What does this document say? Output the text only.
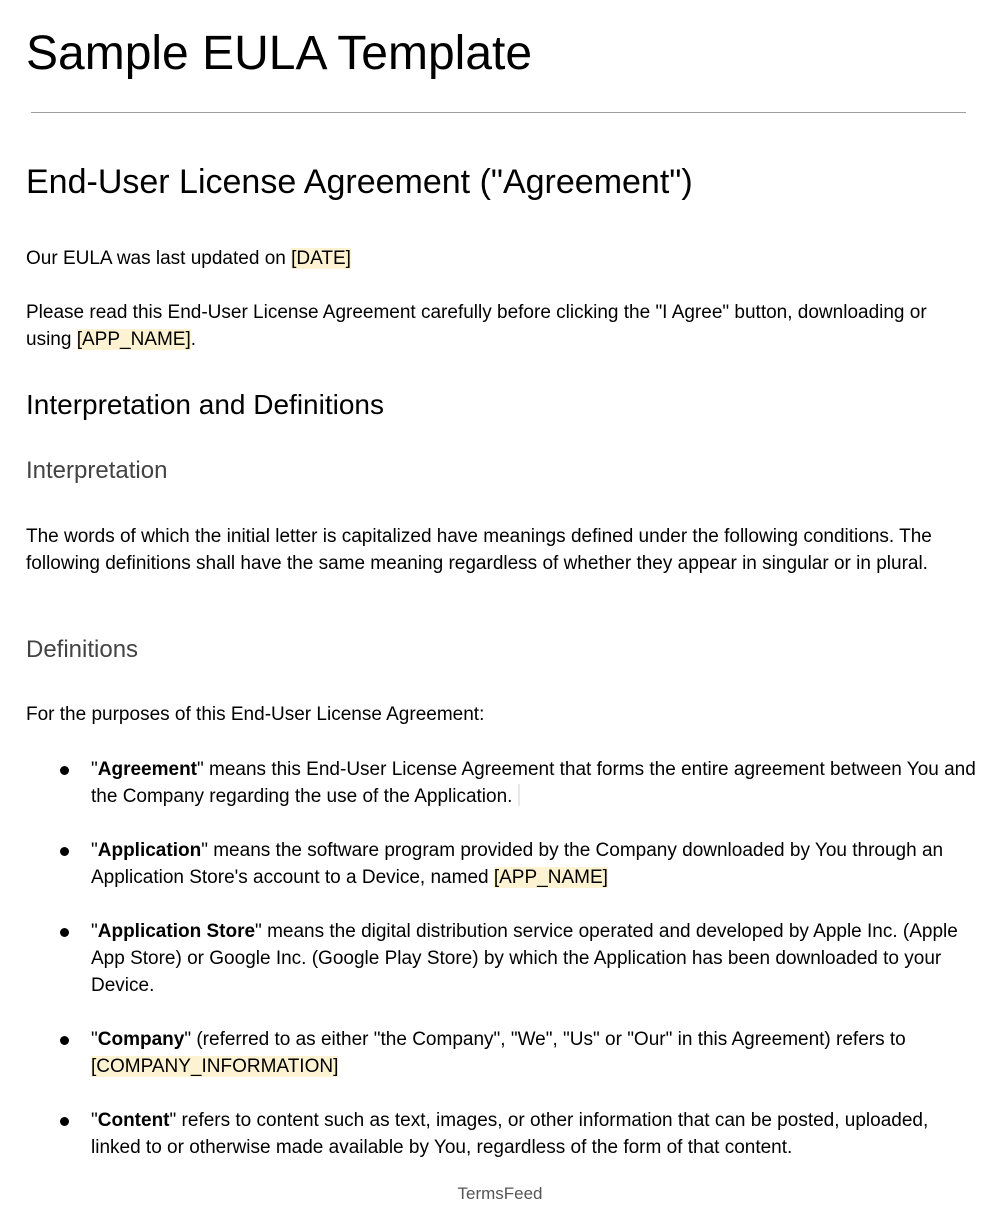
Sample EULA Template
End-User License Agreement ("Agreement")

Our EULA was last updated on [DATE]

Please read this End-User License Agreement carefully before clicking the "I Agree" button, downloading or using [APP_NAME].

Interpretation and Definitions
Interpretation

The words of which the initial letter is capitalized have meanings defined under the following conditions. The following definitions shall have the same meaning regardless of whether they appear in singular or in plural.

Definitions

For the purposes of this End-User License Agreement:

"Agreement" means this End-User License Agreement that forms the entire agreement between You and the Company regarding the use of the Application.
"Application" means the software program provided by the Company downloaded by You through an Application Store's account to a Device, named [APP_NAME]
"Application Store" means the digital distribution service operated and developed by Apple Inc. (Apple App Store) or Google Inc. (Google Play Store) by which the Application has been downloaded to your Device.
"Company" (referred to as either "the Company", "We", "Us" or "Our" in this Agreement) refers to [COMPANY_INFORMATION]
"Content" refers to content such as text, images, or other information that can be posted, uploaded, linked to or otherwise made available by You, regardless of the form of that content.
TermsFeed
